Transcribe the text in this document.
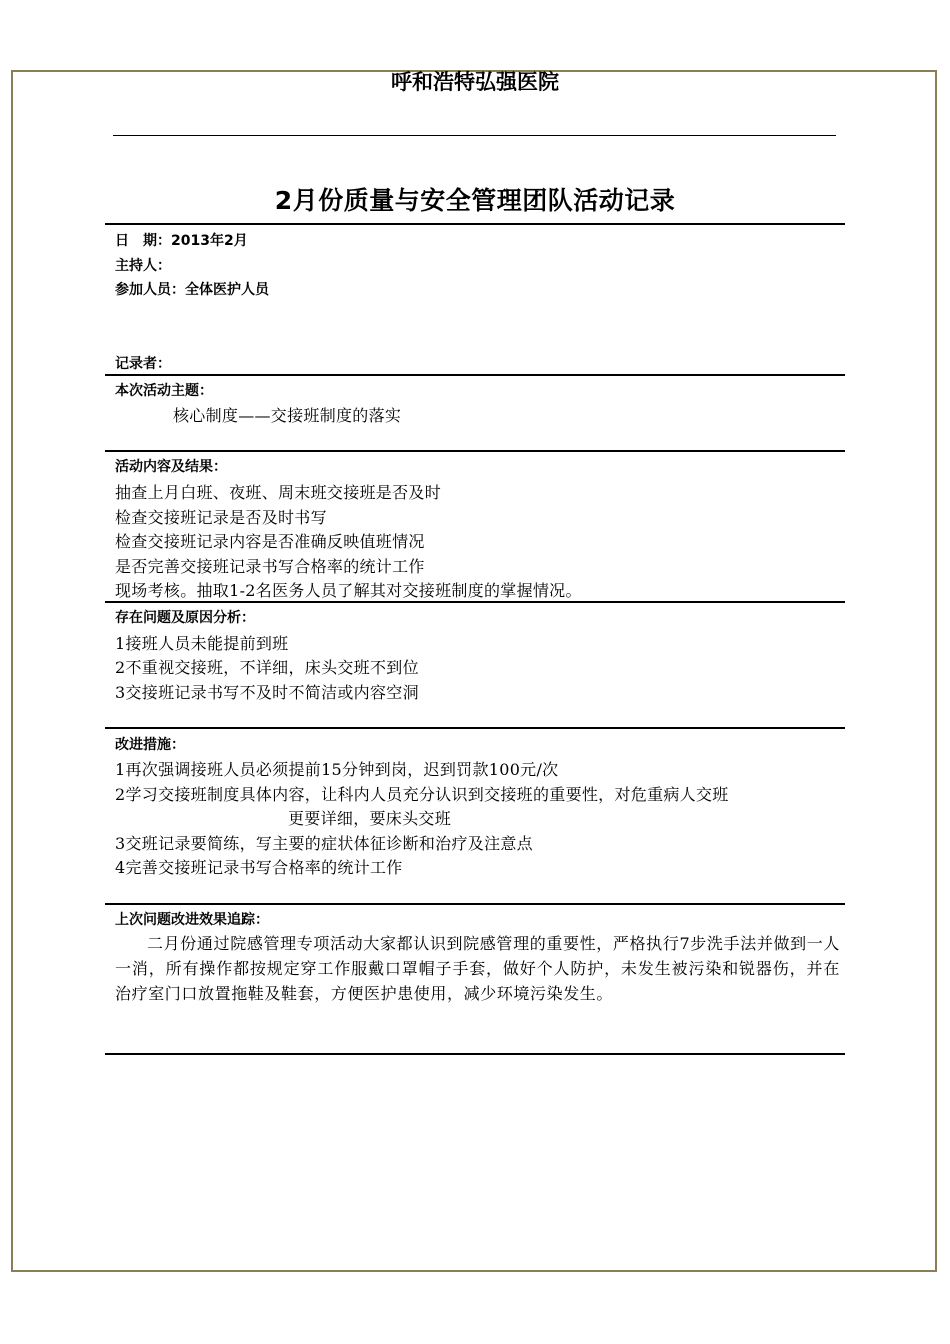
呼和浩特弘强医院
2月份质量与安全管理团队活动记录
日　期：2013年2月
主持人：
参加人员：全体医护人员
记录者：
本次活动主题：
核心制度——交接班制度的落实
活动内容及结果：
抽查上月白班、夜班、周末班交接班是否及时
检查交接班记录是否及时书写
检查交接班记录内容是否准确反映值班情况
是否完善交接班记录书写合格率的统计工作
现场考核。抽取1-2名医务人员了解其对交接班制度的掌握情况。
存在问题及原因分析：
1接班人员未能提前到班
2不重视交接班，不详细，床头交班不到位
3交接班记录书写不及时不简洁或内容空洞
改进措施：
1再次强调接班人员必须提前15分钟到岗，迟到罚款100元/次
2学习交接班制度具体内容，让科内人员充分认识到交接班的重要性，对危重病人交班
更要详细，要床头交班
3交班记录要简练，写主要的症状体征诊断和治疗及注意点
4完善交接班记录书写合格率的统计工作
上次问题改进效果追踪：
二月份通过院感管理专项活动大家都认识到院感管理的重要性，严格执行7步洗手法并做到一人一消，所有操作都按规定穿工作服戴口罩帽子手套，做好个人防护，未发生被污染和锐器伤，并在治疗室门口放置拖鞋及鞋套，方便医护患使用，减少环境污染发生。
